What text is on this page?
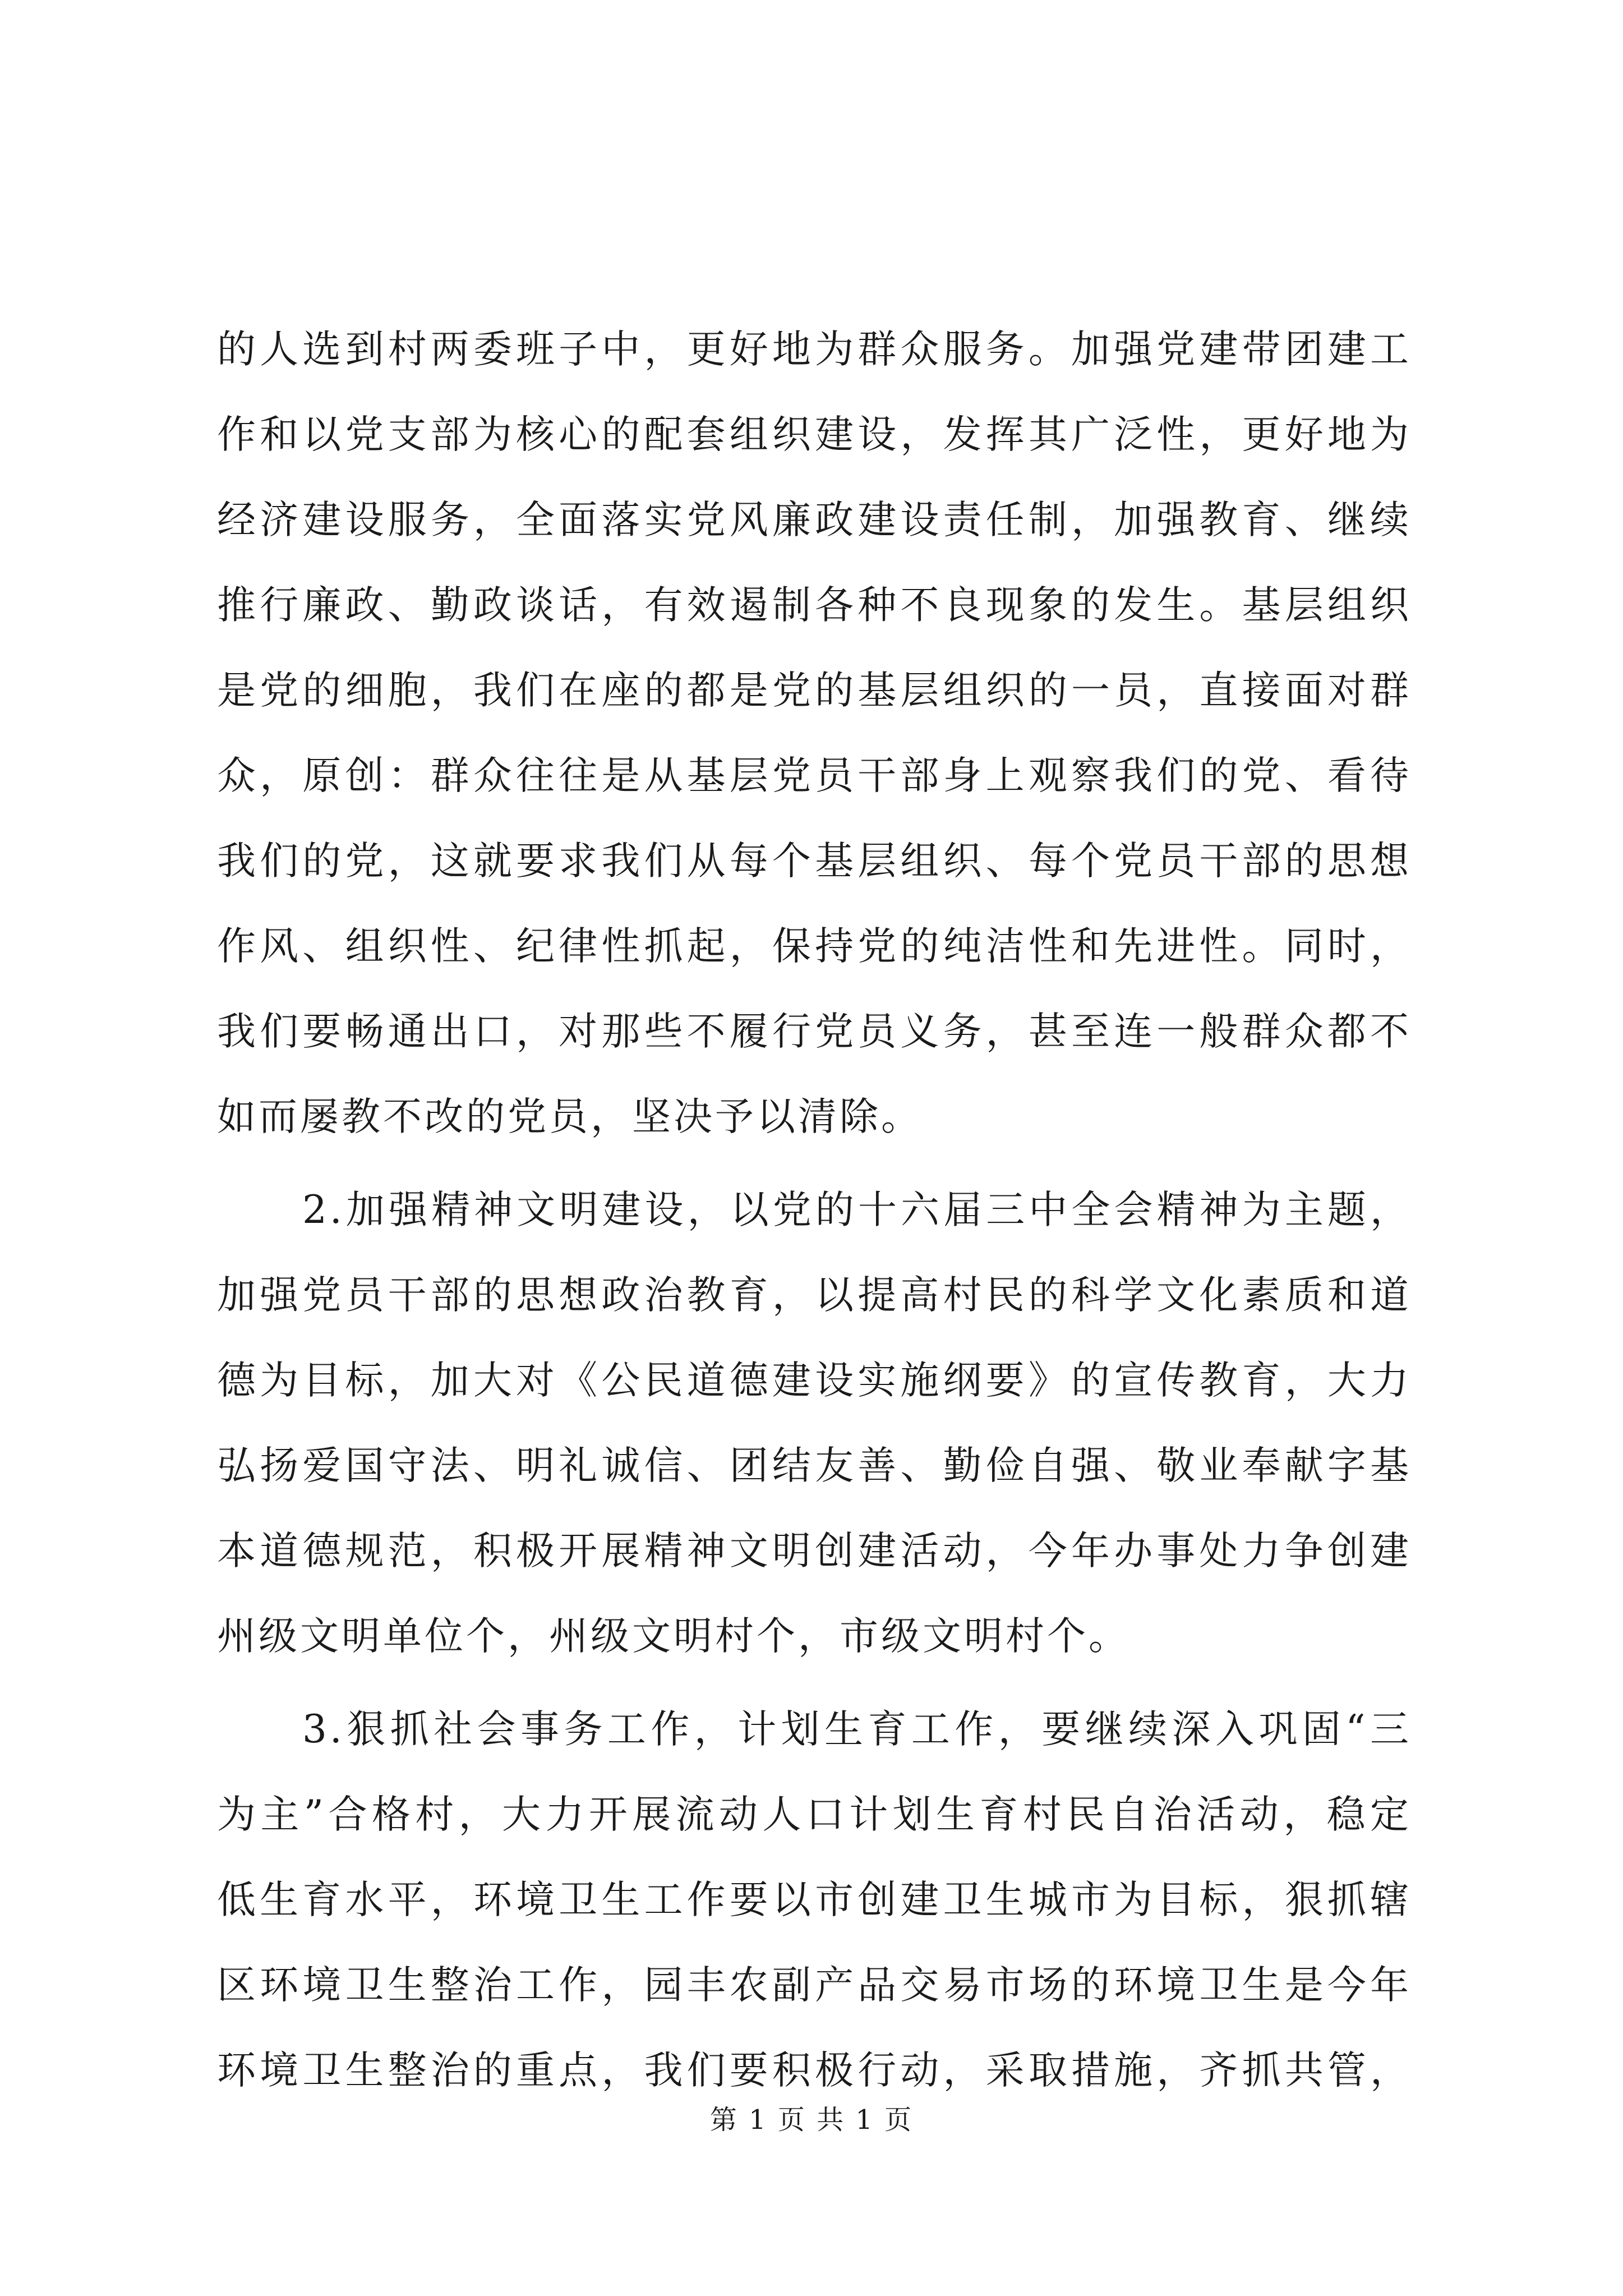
的人选到村两委班子中，更好地为群众服务。加强党建带团建工
作和以党支部为核心的配套组织建设，发挥其广泛性，更好地为
经济建设服务，全面落实党风廉政建设责任制，加强教育、继续
推行廉政、勤政谈话，有效遏制各种不良现象的发生。基层组织
是党的细胞，我们在座的都是党的基层组织的一员，直接面对群
众，原创：群众往往是从基层党员干部身上观察我们的党、看待
我们的党，这就要求我们从每个基层组织、每个党员干部的思想
作风、组织性、纪律性抓起，保持党的纯洁性和先进性。同时，
我们要畅通出口，对那些不履行党员义务，甚至连一般群众都不
如而屡教不改的党员，坚决予以清除。
2.加强精神文明建设，以党的十六届三中全会精神为主题，
加强党员干部的思想政治教育，以提高村民的科学文化素质和道
德为目标，加大对《公民道德建设实施纲要》的宣传教育，大力
弘扬爱国守法、明礼诚信、团结友善、勤俭自强、敬业奉献字基
本道德规范，积极开展精神文明创建活动，今年办事处力争创建
州级文明单位个，州级文明村个，市级文明村个。
3.狠抓社会事务工作，计划生育工作，要继续深入巩固“三
为主”合格村，大力开展流动人口计划生育村民自治活动，稳定
低生育水平，环境卫生工作要以市创建卫生城市为目标，狠抓辖
区环境卫生整治工作，园丰农副产品交易市场的环境卫生是今年
环境卫生整治的重点，我们要积极行动，采取措施，齐抓共管，
第 1 页 共 1 页
